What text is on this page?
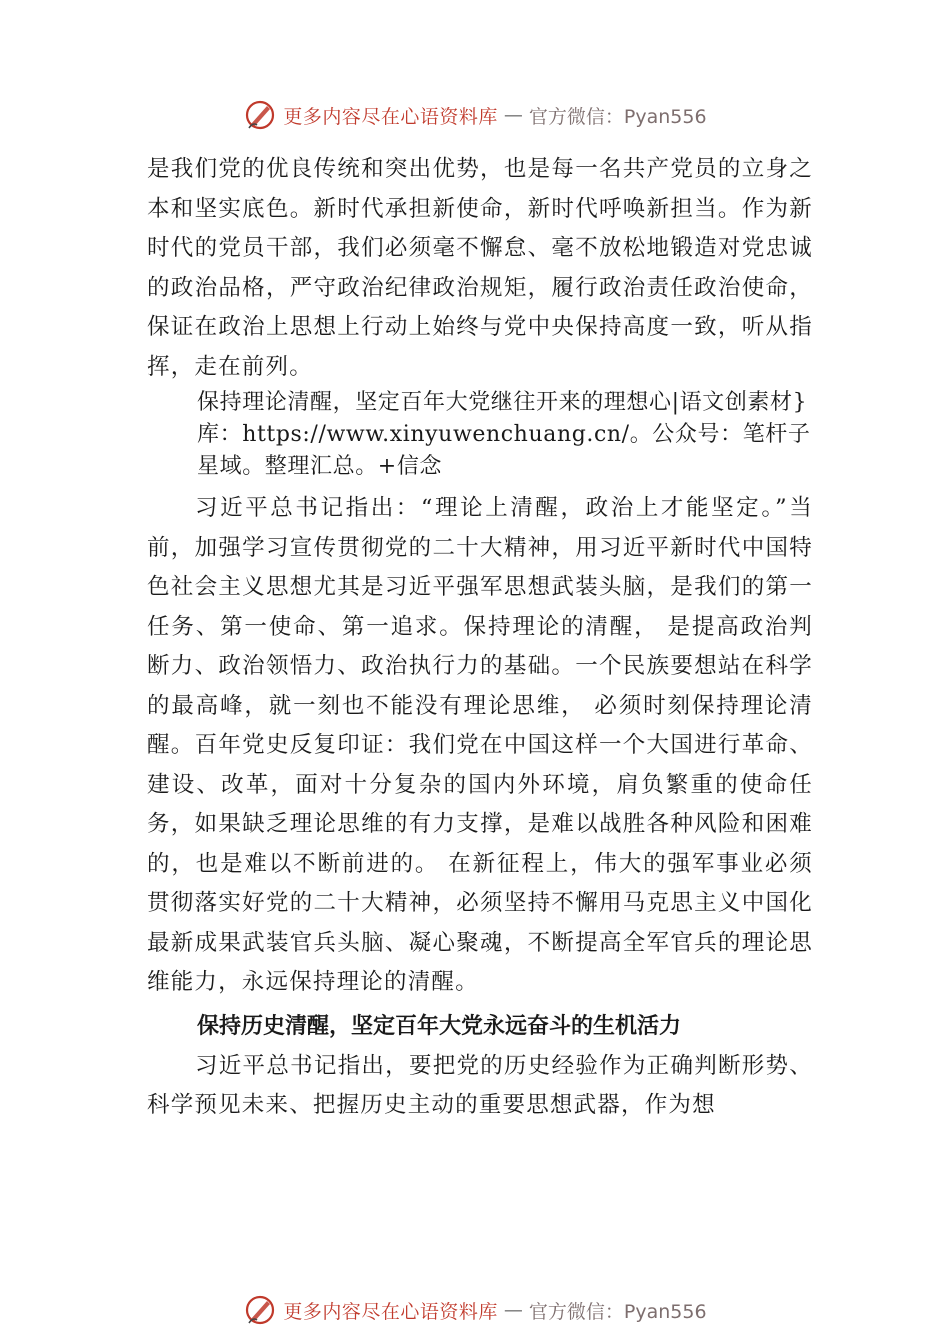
更多内容尽在心语资料库 — 官方微信：Pyan556

是我们党的优良传统和突出优势，也是每一名共产党员的立身之本和坚实底色。新时代承担新使命，新时代呼唤新担当。作为新时代的党员干部，我们必须毫不懈怠、毫不放松地锻造对党忠诚的政治品格，严守政治纪律政治规矩，履行政治责任政治使命，保证在政治上思想上行动上始终与党中央保持高度一致，听从指挥，走在前列。

保持理论清醒，坚定百年大党继往开来的理想心|语文创素材}库：https://www.xinyuwenchuang.cn/。公众号：笔杆子星域。整理汇总。+信念

习近平总书记指出：“理论上清醒，政治上才能坚定。”当前，加强学习宣传贯彻党的二十大精神，用习近平新时代中国特色社会主义思想尤其是习近平强军思想武装头脑，是我们的第一任务、第一使命、第一追求。保持理论的清醒， 是提高政治判断力、政治领悟力、政治执行力的基础。一个民族要想站在科学的最高峰，就一刻也不能没有理论思维， 必须时刻保持理论清醒。百年党史反复印证：我们党在中国这样一个大国进行革命、建设、改革，面对十分复杂的国内外环境，肩负繁重的使命任务，如果缺乏理论思维的有力支撑，是难以战胜各种风险和困难的，也是难以不断前进的。 在新征程上，伟大的强军事业必须贯彻落实好党的二十大精神，必须坚持不懈用马克思主义中国化最新成果武装官兵头脑、凝心聚魂，不断提高全军官兵的理论思维能力，永远保持理论的清醒。

保持历史清醒，坚定百年大党永远奋斗的生机活力

习近平总书记指出，要把党的历史经验作为正确判断形势、科学预见未来、把握历史主动的重要思想武器，作为想

更多内容尽在心语资料库 — 官方微信：Pyan556
